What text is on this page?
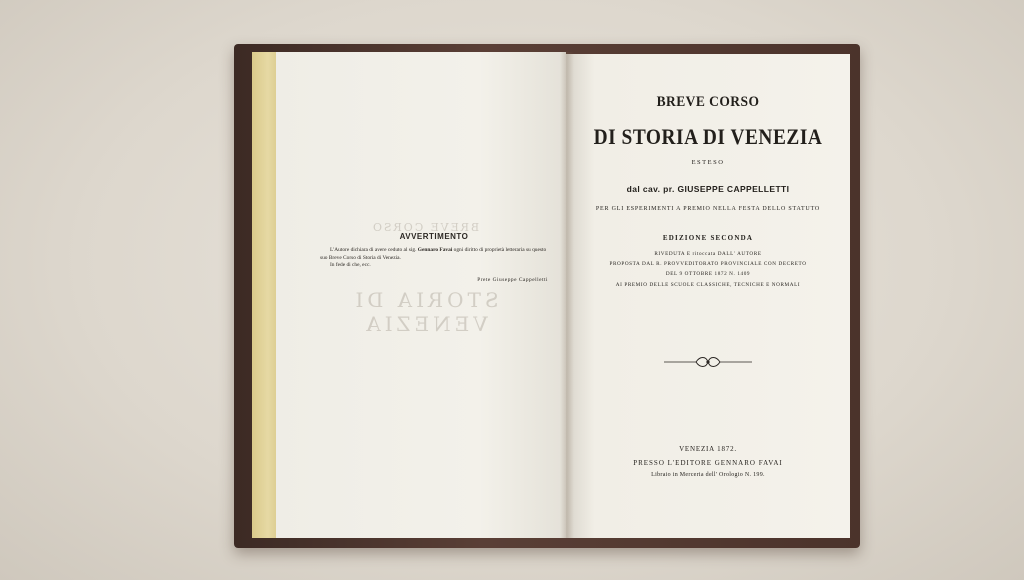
BREVE CORSO
STORIA DI VENEZIA
AVVERTIMENTO
L'Autore dichiara di avere ceduto al sig. Gennaro Favai ogni diritto di proprietà letteraria su questo suo Breve Corso di Storia di Venezia.
In fede di che, ecc.
Prete Giuseppe Cappelletti
BREVE CORSO
DI STORIA DI VENEZIA
ESTESO
dal cav. pr. GIUSEPPE CAPPELLETTI
PER GLI ESPERIMENTI A PREMIO NELLA FESTA DELLO STATUTO
EDIZIONE SECONDA
RIVEDUTA E ritoccata DALL' AUTORE
PROPOSTA DAL R. PROVVEDITORATO PROVINCIALE CON DECRETO
DEL 9 OTTOBRE 1872 N. 1409
AI PREMIO DELLE SCUOLE CLASSICHE, TECNICHE E NORMALI
VENEZIA 1872.
PRESSO L'EDITORE GENNARO FAVAI
Libraio in Merceria dell' Orologio N. 199.
